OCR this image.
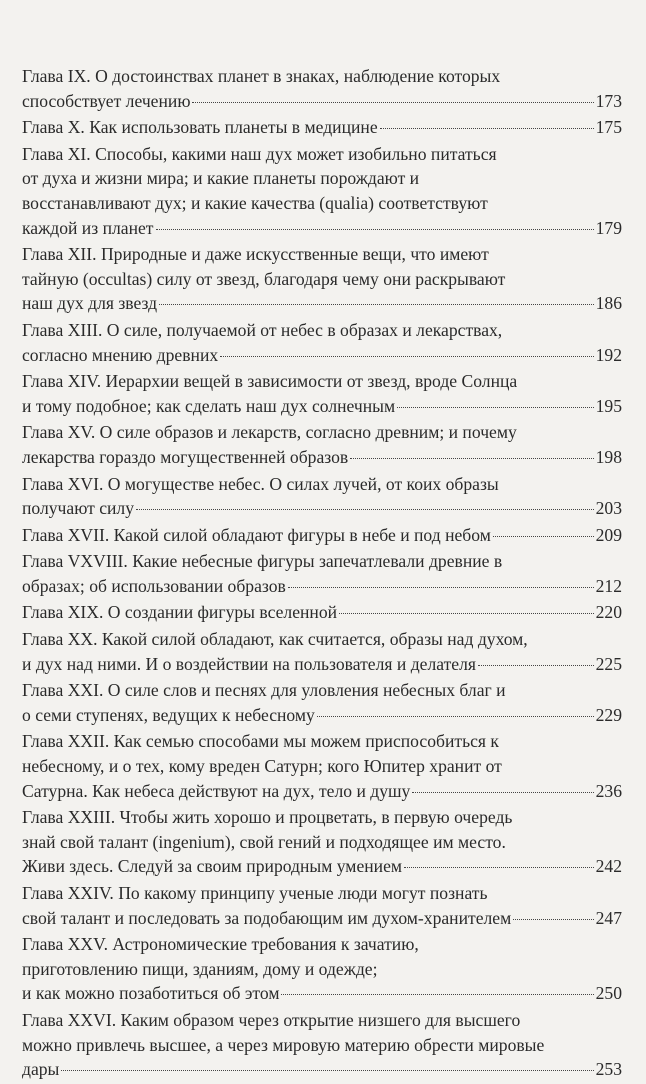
Глава IX. О достоинствах планет в знаках, наблюдение которых
способствует лечению	173
Глава X. Как использовать планеты в медицине	175
Глава XI. Способы, какими наш дух может изобильно питаться
от духа и жизни мира; и какие планеты порождают и
восстанавливают дух; и какие качества (qualia) соответствуют
каждой из планет	179
Глава XII. Природные и даже искусственные вещи, что имеют
тайную (occultas) силу от звезд, благодаря чему они раскрывают
наш дух для звезд	186
Глава XIII. О силе, получаемой от небес в образах и лекарствах,
согласно мнению древних	192
Глава XIV. Иерархии вещей в зависимости от звезд, вроде Солнца
и тому подобное; как сделать наш дух солнечным	195
Глава XV. О силе образов и лекарств, согласно древним; и почему
лекарства гораздо могущественней образов	198
Глава XVI. О могуществе небес. О силах лучей, от коих образы
получают силу	203
Глава XVII. Какой силой обладают фигуры в небе и под небом	209
Глава VXVIII. Какие небесные фигуры запечатлевали древние в
образах; об использовании образов	212
Глава XIX. О создании фигуры вселенной	220
Глава XX. Какой силой обладают, как считается, образы над духом,
и дух над ними. И о воздействии на пользователя и делателя	225
Глава XXI. О силе слов и песнях для уловления небесных благ и
о семи ступенях, ведущих к небесному	229
Глава XXII. Как семью способами мы можем приспособиться к
небесному, и о тех, кому вреден Сатурн; кого Юпитер хранит от
Сатурна. Как небеса действуют на дух, тело и душу	236
Глава XXIII. Чтобы жить хорошо и процветать, в первую очередь
знай свой талант (ingenium), свой гений и подходящее им место.
Живи здесь. Следуй за своим природным умением	242
Глава XXIV. По какому принципу ученые люди могут познать
свой талант и последовать за подобающим им духом-хранителем	247
Глава XXV. Астрономические требования к зачатию,
приготовлению пищи, зданиям, дому и одежде;
и как можно позаботиться об этом	250
Глава XXVI. Каким образом через открытие низшего для высшего
можно привлечь высшее, а через мировую материю обрести мировые
дары	253
